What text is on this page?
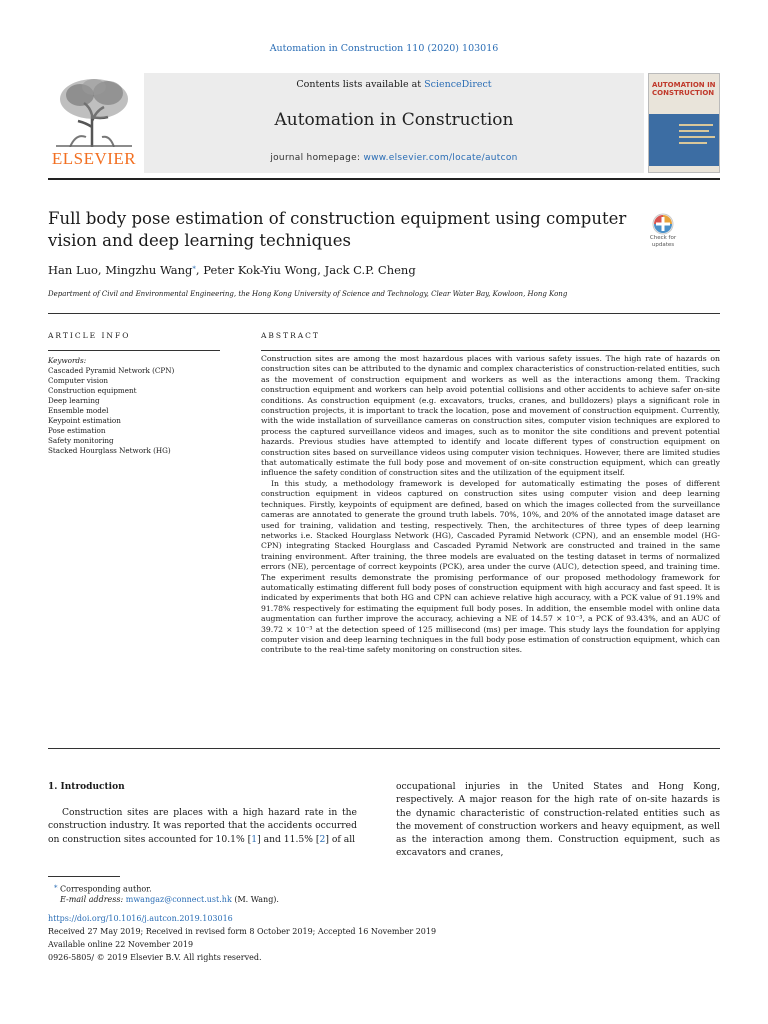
Automation in Construction 110 (2020) 103016
ELSEVIER
Contents lists available at ScienceDirect
Automation in Construction
journal homepage: www.elsevier.com/locate/autcon
AUTOMATION IN CONSTRUCTION
Full body pose estimation of construction equipment using computer vision and deep learning techniques	Check for updates
Han Luo, Mingzhu Wang⁎, Peter Kok-Yiu Wong, Jack C.P. Cheng
Department of Civil and Environmental Engineering, the Hong Kong University of Science and Technology, Clear Water Bay, Kowloon, Hong Kong
ARTICLE INFO
Keywords:
Cascaded Pyramid Network (CPN)
Computer vision
Construction equipment
Deep learning
Ensemble model
Keypoint estimation
Pose estimation
Safety monitoring
Stacked Hourglass Network (HG)
ABSTRACT

Construction sites are among the most hazardous places with various safety issues. The high rate of hazards on construction sites can be attributed to the dynamic and complex characteristics of construction-related entities, such as the movement of construction equipment and workers as well as the interactions among them. Tracking construction equipment and workers can help avoid potential collisions and other accidents to achieve safer on-site conditions. As construction equipment (e.g. excavators, trucks, cranes, and bulldozers) plays a significant role in construction projects, it is important to track the location, pose and movement of construction equipment. Currently, with the wide installation of surveillance cameras on construction sites, computer vision techniques are explored to process the captured surveillance videos and images, such as to monitor the site conditions and prevent potential hazards. Previous studies have attempted to identify and locate different types of construction equipment on construction sites based on surveillance videos using computer vision techniques. However, there are limited studies that automatically estimate the full body pose and movement of on-site construction equipment, which can greatly influence the safety condition of construction sites and the utilization of the equipment itself.

In this study, a methodology framework is developed for automatically estimating the poses of different construction equipment in videos captured on construction sites using computer vision and deep learning techniques. Firstly, keypoints of equipment are defined, based on which the images collected from the surveillance cameras are annotated to generate the ground truth labels. 70%, 10%, and 20% of the annotated image dataset are used for training, validation and testing, respectively. Then, the architectures of three types of deep learning networks i.e. Stacked Hourglass Network (HG), Cascaded Pyramid Network (CPN), and an ensemble model (HG-CPN) integrating Stacked Hourglass and Cascaded Pyramid Network are constructed and trained in the same training environment. After training, the three models are evaluated on the testing dataset in terms of normalized errors (NE), percentage of correct keypoints (PCK), area under the curve (AUC), detection speed, and training time. The experiment results demonstrate the promising performance of our proposed methodology framework for automatically estimating different full body poses of construction equipment with high accuracy and fast speed. It is indicated by experiments that both HG and CPN can achieve relative high accuracy, with a PCK value of 91.19% and 91.78% respectively for estimating the equipment full body poses. In addition, the ensemble model with online data augmentation can further improve the accuracy, achieving a NE of 14.57 × 10⁻³, a PCK of 93.43%, and an AUC of 39.72 × 10⁻³ at the detection speed of 125 millisecond (ms) per image. This study lays the foundation for applying computer vision and deep learning techniques in the full body pose estimation of construction equipment, which can contribute to the real-time safety monitoring on construction sites.

1. Introduction

Construction sites are places with a high hazard rate in the construction industry. It was reported that the accidents occurred on construction sites accounted for 10.1% [1] and 11.5% [2] of all

occupational injuries in the United States and Hong Kong, respectively. A major reason for the high rate of on-site hazards is the dynamic characteristic of construction-related entities such as the movement of construction workers and heavy equipment, as well as the interaction among them. Construction equipment, such as excavators and cranes,

⁎ Corresponding author.
E-mail address: mwangaz@connect.ust.hk (M. Wang).
https://doi.org/10.1016/j.autcon.2019.103016
Received 27 May 2019; Received in revised form 8 October 2019; Accepted 16 November 2019
Available online 22 November 2019
0926-5805/ © 2019 Elsevier B.V. All rights reserved.
